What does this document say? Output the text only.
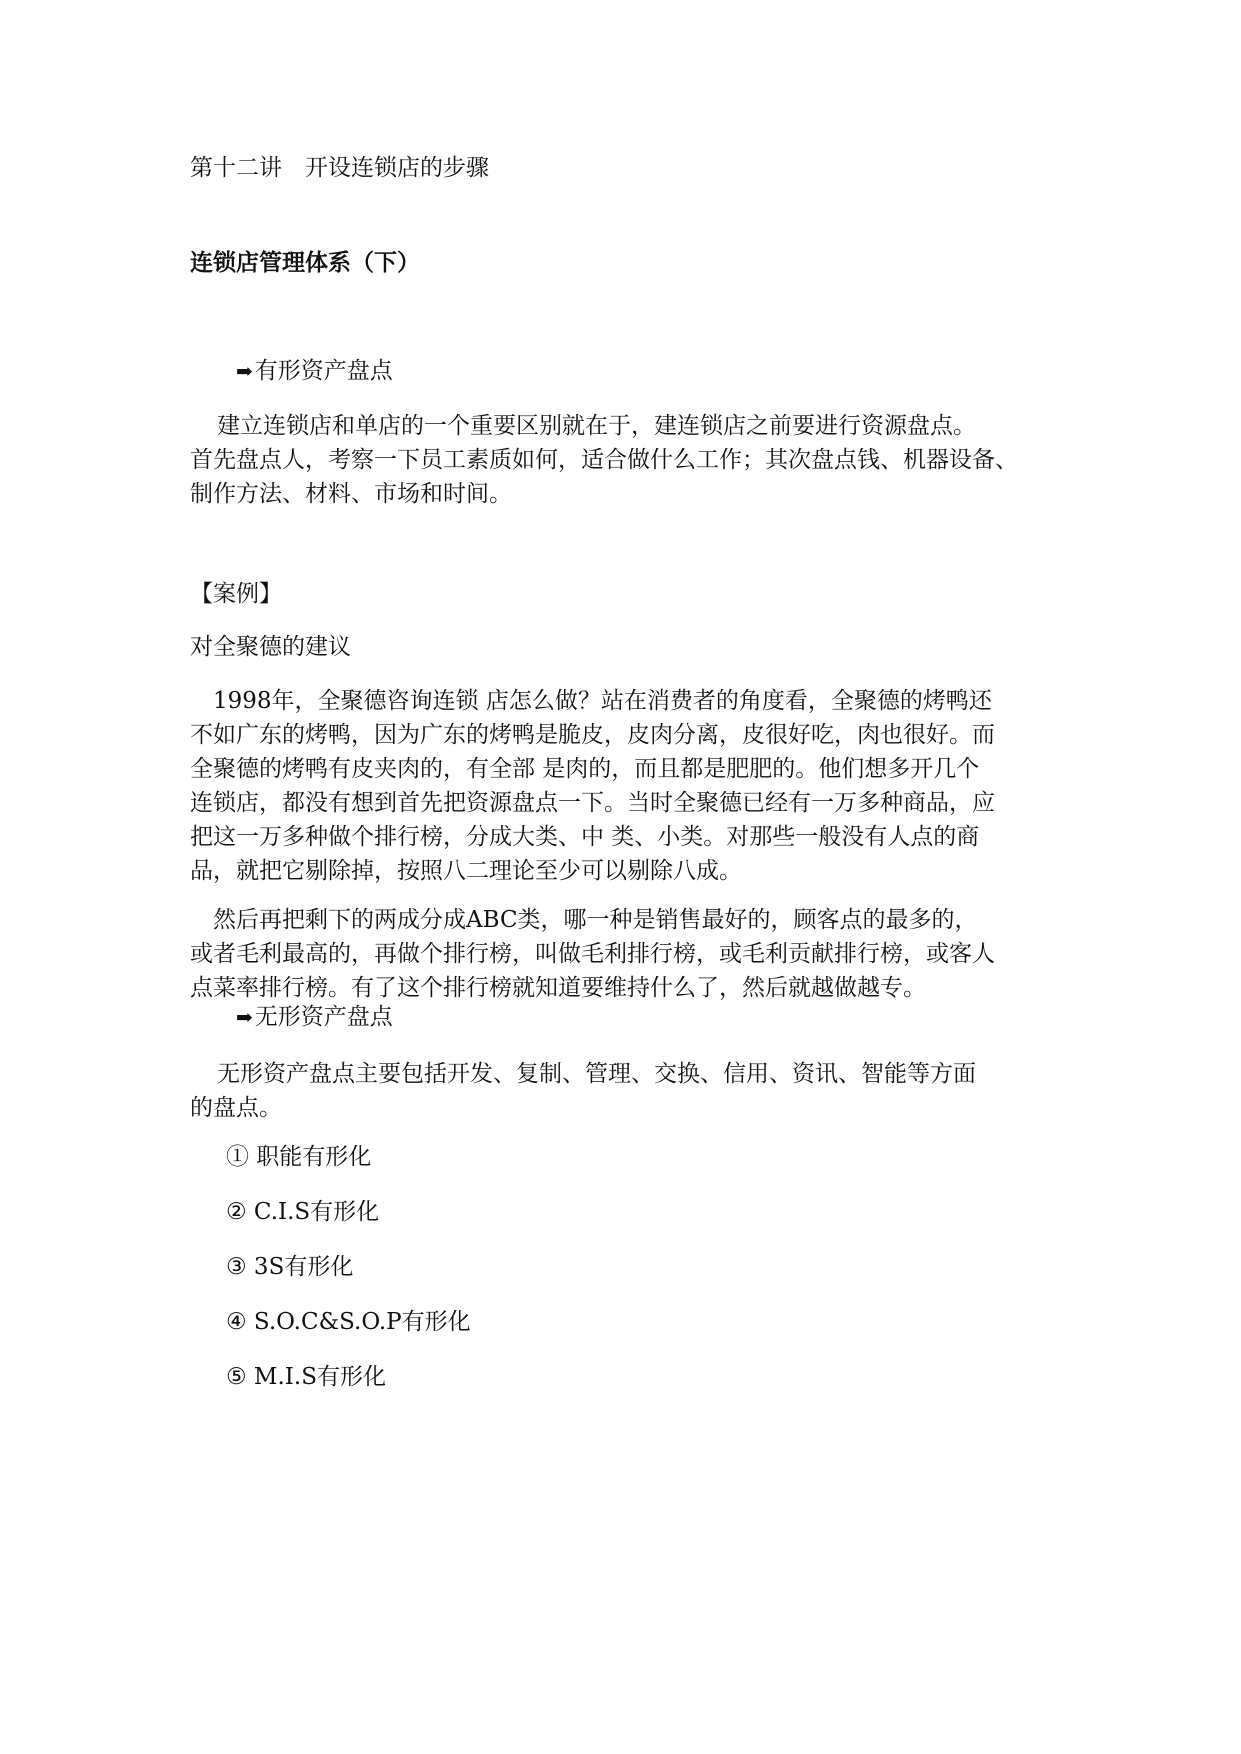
第十二讲　开设连锁店的步骤
连锁店管理体系（下）
➡有形资产盘点
　建立连锁店和单店的一个重要区别就在于，建连锁店之前要进行资源盘点。
首先盘点人，考察一下员工素质如何，适合做什么工作；其次盘点钱、机器设备、
制作方法、材料、市场和时间。
【案例】
对全聚德的建议
　1998年，全聚德咨询连锁 店怎么做？站在消费者的角度看，全聚德的烤鸭还
不如广东的烤鸭，因为广东的烤鸭是脆皮，皮肉分离，皮很好吃，肉也很好。而
全聚德的烤鸭有皮夹肉的，有全部 是肉的，而且都是肥肥的。他们想多开几个
连锁店，都没有想到首先把资源盘点一下。当时全聚德已经有一万多种商品，应
把这一万多种做个排行榜，分成大类、中 类、小类。对那些一般没有人点的商
品，就把它剔除掉，按照八二理论至少可以剔除八成。
　然后再把剩下的两成分成ABC类，哪一种是销售最好的，顾客点的最多的，
或者毛利最高的，再做个排行榜，叫做毛利排行榜，或毛利贡献排行榜，或客人
点菜率排行榜。有了这个排行榜就知道要维持什么了，然后就越做越专。
➡无形资产盘点
　无形资产盘点主要包括开发、复制、管理、交换、信用、资讯、智能等方面
的盘点。
① 职能有形化
② C.I.S有形化
③ 3S有形化
④ S.O.C&S.O.P有形化
⑤ M.I.S有形化
